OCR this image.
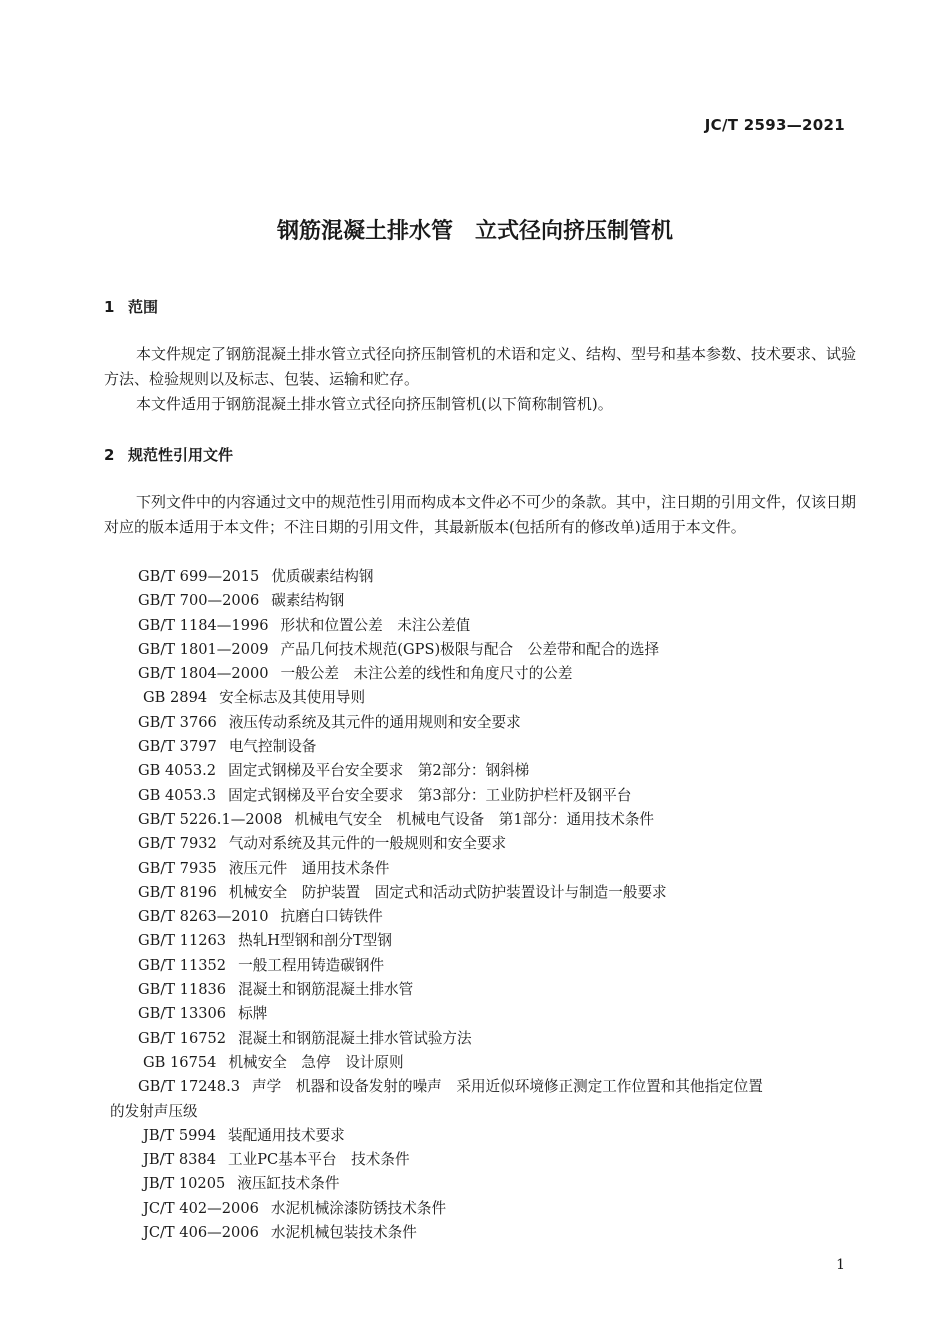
JC/T 2593—2021
钢筋混凝土排水管　立式径向挤压制管机
1 范围
本文件规定了钢筋混凝土排水管立式径向挤压制管机的术语和定义、结构、型号和基本参数、技术要求、试验方法、检验规则以及标志、包装、运输和贮存。
本文件适用于钢筋混凝土排水管立式径向挤压制管机(以下简称制管机)。
2 规范性引用文件
下列文件中的内容通过文中的规范性引用而构成本文件必不可少的条款。其中，注日期的引用文件，仅该日期对应的版本适用于本文件；不注日期的引用文件，其最新版本(包括所有的修改单)适用于本文件。
GB/T 699—2015 优质碳素结构钢
GB/T 700—2006 碳素结构钢
GB/T 1184—1996 形状和位置公差　未注公差值
GB/T 1801—2009 产品几何技术规范(GPS)极限与配合　公差带和配合的选择
GB/T 1804—2000 一般公差　未注公差的线性和角度尺寸的公差
GB 2894 安全标志及其使用导则
GB/T 3766 液压传动系统及其元件的通用规则和安全要求
GB/T 3797 电气控制设备
GB 4053.2 固定式钢梯及平台安全要求　第2部分：钢斜梯
GB 4053.3 固定式钢梯及平台安全要求　第3部分：工业防护栏杆及钢平台
GB/T 5226.1—2008 机械电气安全　机械电气设备　第1部分：通用技术条件
GB/T 7932 气动对系统及其元件的一般规则和安全要求
GB/T 7935 液压元件　通用技术条件
GB/T 8196 机械安全　防护装置　固定式和活动式防护装置设计与制造一般要求
GB/T 8263—2010 抗磨白口铸铁件
GB/T 11263 热轧H型钢和剖分T型钢
GB/T 11352 一般工程用铸造碳钢件
GB/T 11836 混凝土和钢筋混凝土排水管
GB/T 13306 标牌
GB/T 16752 混凝土和钢筋混凝土排水管试验方法
GB 16754 机械安全　急停　设计原则
GB/T 17248.3 声学　机器和设备发射的噪声　采用近似环境修正测定工作位置和其他指定位置
的发射声压级
JB/T 5994 装配通用技术要求
JB/T 8384 工业PC基本平台　技术条件
JB/T 10205 液压缸技术条件
JC/T 402—2006 水泥机械涂漆防锈技术条件
JC/T 406—2006 水泥机械包装技术条件
1
